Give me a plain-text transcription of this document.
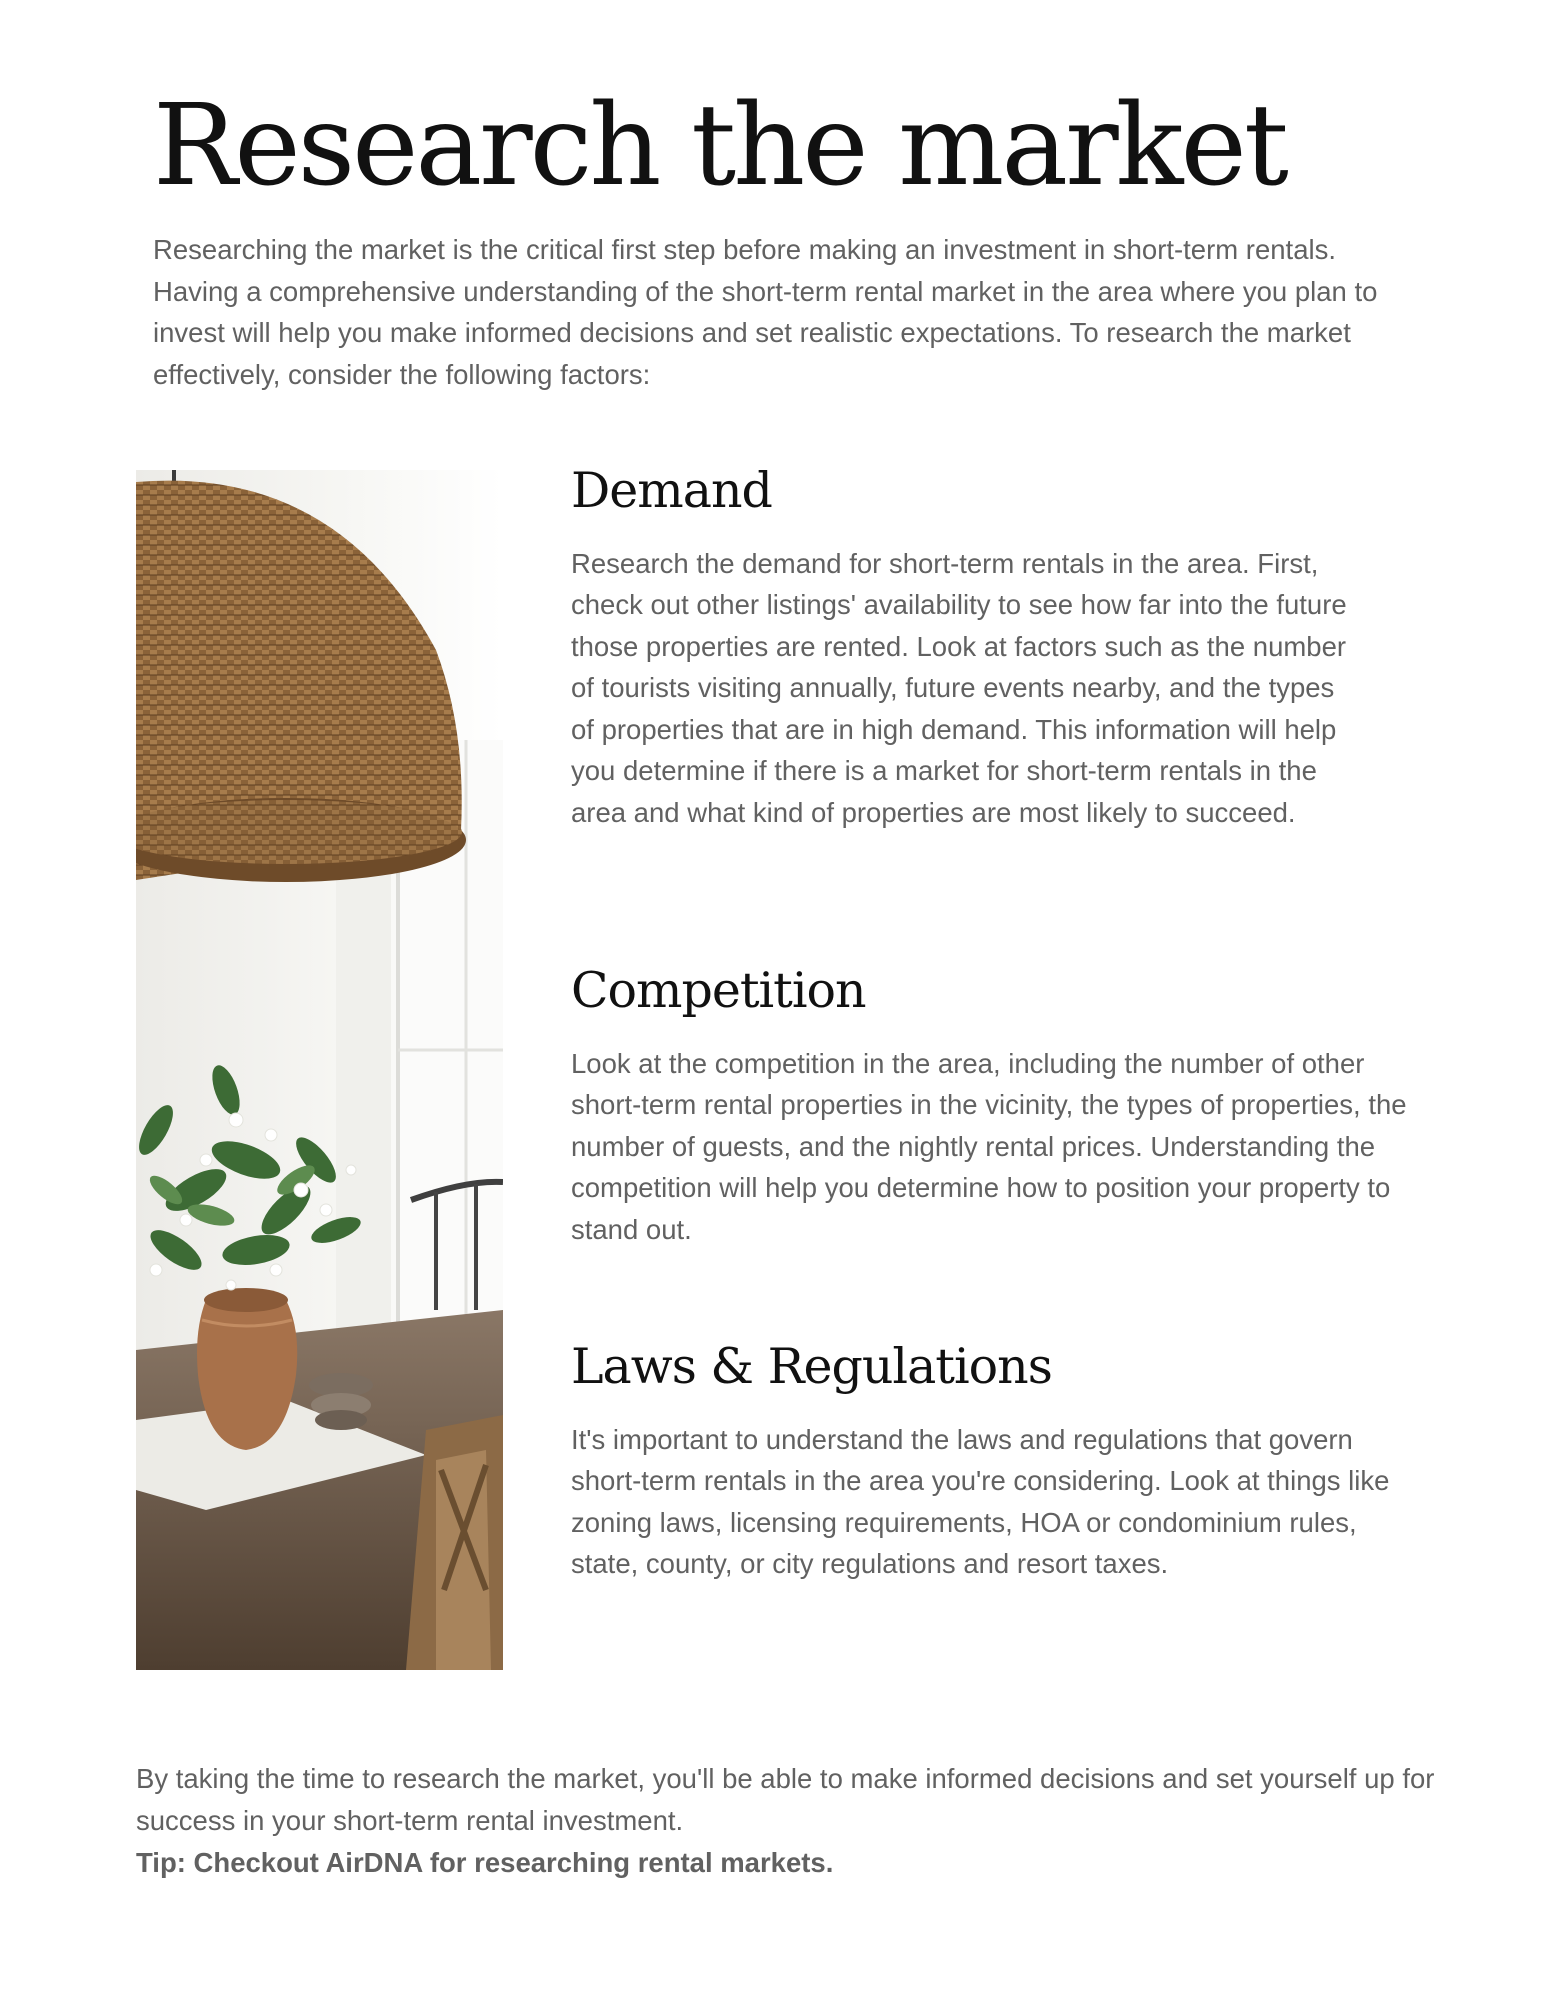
Research the market

Researching the market is the critical first step before making an investment in short-term rentals. Having a comprehensive understanding of the short-term rental market in the area where you plan to invest will help you make informed decisions and set realistic expectations. To research the market effectively, consider the following factors:

Demand

Research the demand for short-term rentals in the area. First, check out other listings' availability to see how far into the future those properties are rented. Look at factors such as the number of tourists visiting annually, future events nearby, and the types of properties that are in high demand. This information will help you determine if there is a market for short-term rentals in the area and what kind of properties are most likely to succeed.

Competition

Look at the competition in the area, including the number of other short-term rental properties in the vicinity, the types of properties, the number of guests, and the nightly rental prices. Understanding the competition will help you determine how to position your property to stand out.

Laws & Regulations

It's important to understand the laws and regulations that govern short-term rentals in the area you're considering. Look at things like zoning laws, licensing requirements, HOA or condominium rules, state, county, or city regulations and resort taxes.

By taking the time to research the market, you'll be able to make informed decisions and set yourself up for success in your short-term rental investment.

Tip: Checkout AirDNA for researching rental markets.
